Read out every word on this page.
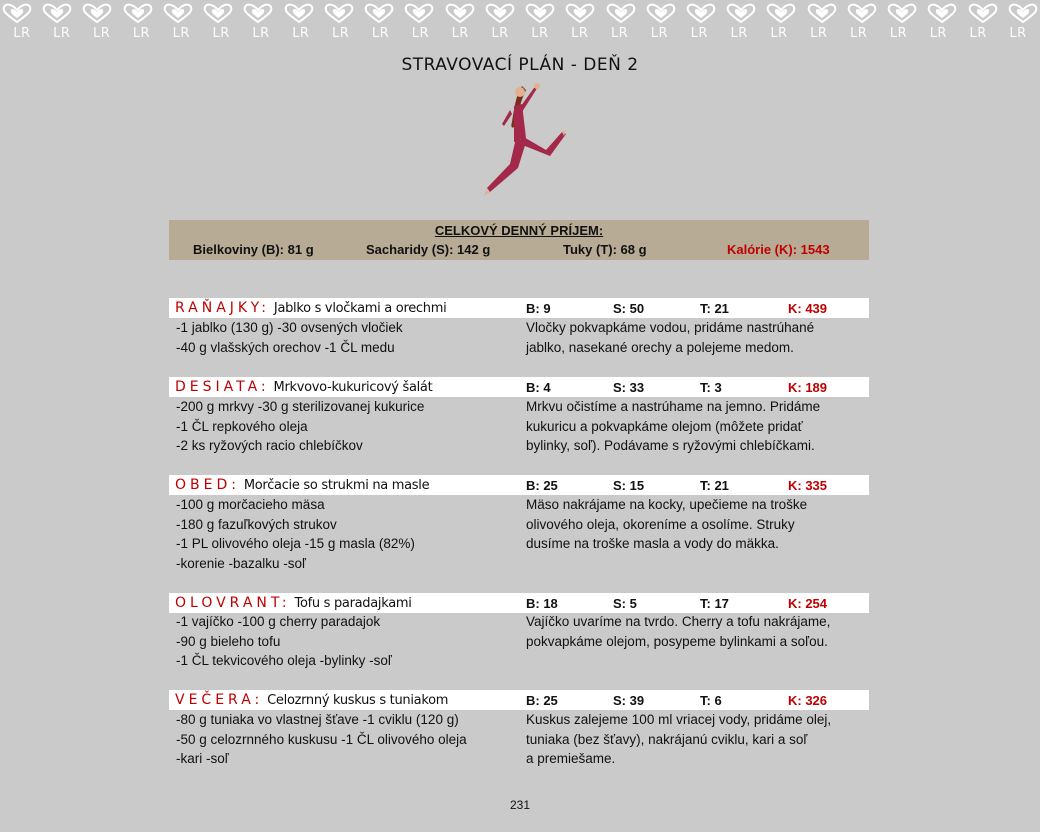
LR	LR	LR	LR	LR	LR	LR	LR	LR	LR	LR	LR	LR	LR	LR	LR	LR	LR	LR	LR	LR	LR	LR	LR	LR	LR
STRAVOVACÍ PLÁN - DEŇ 2
CELKOVÝ DENNÝ PRÍJEM:
Bielkoviny (B): 81 g	Sacharidy (S): 142 g	Tuky (T): 68 g	Kalórie (K): 1543
RAŇAJKY: Jablko s vločkami a orechmi	B: 9	S: 50	T: 21	K: 439
-1 jablko (130 g) -30 ovsených vločiek
-40 g vlašských orechov -1 ČL medu
Vločky pokvapkáme vodou, pridáme nastrúhané
jablko, nasekané orechy a polejeme medom.
DESIATA: Mrkvovo-kukuricový šalát	B: 4	S: 33	T: 3	K: 189
-200 g mrkvy -30 g sterilizovanej kukurice
-1 ČL repkového oleja
-2 ks ryžových racio chlebíčkov
Mrkvu očistíme a nastrúhame na jemno. Pridáme
kukuricu a pokvapkáme olejom (môžete pridať
bylinky, soľ). Podávame s ryžovými chlebíčkami.
OBED: Morčacie so strukmi na masle	B: 25	S: 15	T: 21	K: 335
-100 g morčacieho mäsa
-180 g fazuľkových strukov
-1 PL olivového oleja -15 g masla (82%)
-korenie -bazalku -soľ
Mäso nakrájame na kocky, upečieme na troške
olivového oleja, okoreníme a osolíme. Struky
dusíme na troške masla a vody do mäkka.
OLOVRANT: Tofu s paradajkami	B: 18	S: 5	T: 17	K: 254
-1 vajíčko -100 g cherry paradajok
-90 g bieleho tofu
-1 ČL tekvicového oleja -bylinky -soľ
Vajíčko uvaríme na tvrdo. Cherry a tofu nakrájame,
pokvapkáme olejom, posypeme bylinkami a soľou.
VEČERA: Celozrnný kuskus s tuniakom	B: 25	S: 39	T: 6	K: 326
-80 g tuniaka vo vlastnej šťave -1 cviklu (120 g)
-50 g celozrnného kuskusu -1 ČL olivového oleja
-kari -soľ
Kuskus zalejeme 100 ml vriacej vody, pridáme olej,
tuniaka (bez šťavy), nakrájanú cviklu, kari a soľ
a premiešame.
231
